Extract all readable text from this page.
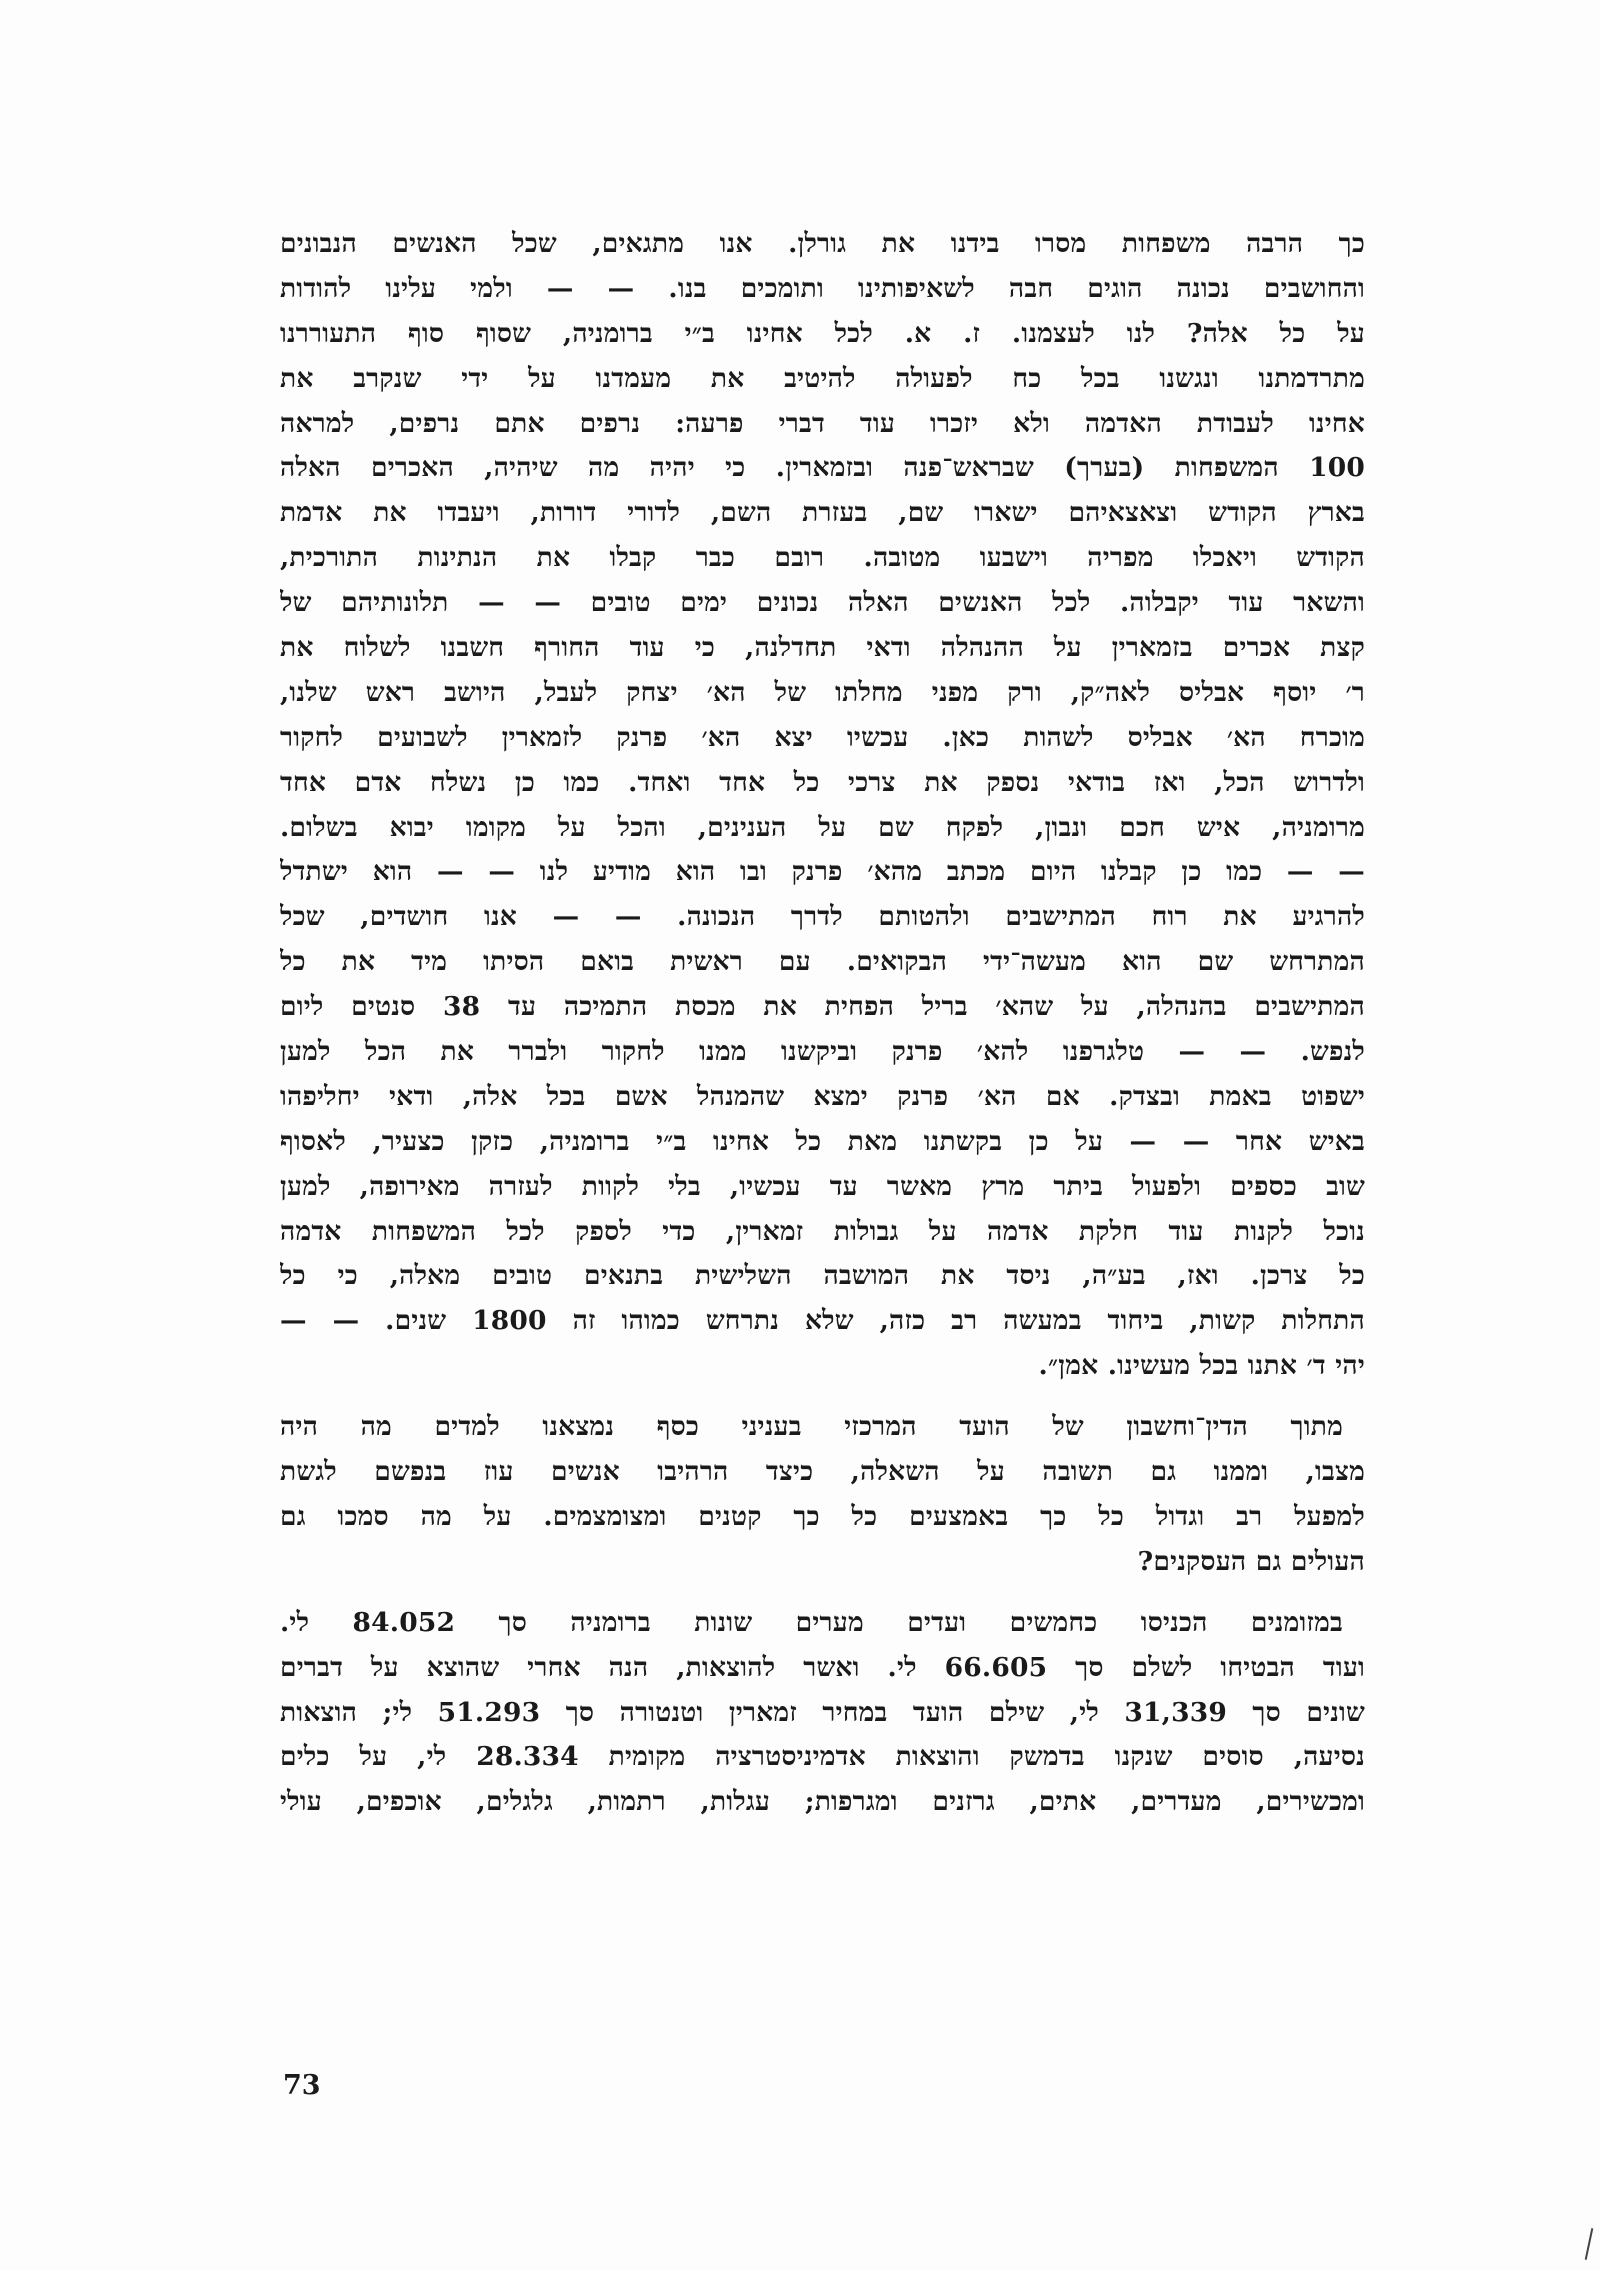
כך הרבה משפחות מסרו בידנו את גורלן. אנו מתגאים, שכל האנשים הנבונים
והחושבים נכונה הוגים חבה לשאיפותינו ותומכים בנו. — — ולמי עלינו להודות
על כל אלה? לנו לעצמנו. ז. א. לכל אחינו ב״י ברומניה, שסוף סוף התעוררנו
מתרדמתנו ונגשנו בכל כח לפעולה להיטיב את מעמדנו על ידי שנקרב את
אחינו לעבודת האדמה ולא יזכרו עוד דברי פרעה: נרפים אתם נרפים, למראה
100 המשפחות (בערך) שבראש־פנה ובזמארין. כי יהיה מה שיהיה, האכרים האלה
בארץ הקודש וצאצאיהם ישארו שם, בעזרת השם, לדורי דורות, ויעבדו את אדמת
הקודש ויאכלו מפריה וישבעו מטובה. רובם כבר קבלו את הנתינות התורכית,
והשאר עוד יקבלוה. לכל האנשים האלה נכונים ימים טובים — — תלונותיהם של
קצת אכרים בזמארין על ההנהלה ודאי תחדלנה, כי עוד החורף חשבנו לשלוח את
ר׳ יוסף אבליס לאה״ק, ורק מפני מחלתו של הא׳ יצחק לעבל, היושב ראש שלנו,
מוכרח הא׳ אבליס לשהות כאן. עכשיו יצא הא׳ פרנק לזמארין לשבועים לחקור
ולדרוש הכל, ואז בודאי נספק את צרכי כל אחד ואחד. כמו כן נשלח אדם אחד
מרומניה, איש חכם ונבון, לפקח שם על הענינים, והכל על מקומו יבוא בשלום.
— — כמו כן קבלנו היום מכתב מהא׳ פרנק ובו הוא מודיע לנו — — הוא ישתדל
להרגיע את רוח המתישבים ולהטותם לדרך הנכונה. — — אנו חושדים, שכל
המתרחש שם הוא מעשה־ידי הבקואים. עם ראשית בואם הסיתו מיד את כל
המתישבים בהנהלה, על שהא׳ בריל הפחית את מכסת התמיכה עד 38 סנטים ליום
לנפש. — — טלגרפנו להא׳ פרנק וביקשנו ממנו לחקור ולברר את הכל למען
ישפוט באמת ובצדק. אם הא׳ פרנק ימצא שהמנהל אשם בכל אלה, ודאי יחליפהו
באיש אחר — — על כן בקשתנו מאת כל אחינו ב״י ברומניה, כזקן כצעיר, לאסוף
שוב כספים ולפעול ביתר מרץ מאשר עד עכשיו, בלי לקוות לעזרה מאירופה, למען
נוכל לקנות עוד חלקת אדמה על גבולות זמארין, כדי לספק לכל המשפחות אדמה
כל צרכן. ואז, בע״ה, ניסד את המושבה השלישית בתנאים טובים מאלה, כי כל
התחלות קשות, ביחוד במעשה רב כזה, שלא נתרחש כמוהו זה 1800 שנים. — —
יהי ד׳ אתנו בכל מעשינו. אמן״.
מתוך הדין־וחשבון של הועד המרכזי בעניני כסף נמצאנו למדים מה היה
מצבו, וממנו גם תשובה על השאלה, כיצד הרהיבו אנשים עוז בנפשם לגשת
למפעל רב וגדול כל כך באמצעים כל כך קטנים ומצומצמים. על מה סמכו גם
העולים גם העסקנים?
במזומנים הכניסו כחמשים ועדים מערים שונות ברומניה סך 84.052 לי.
ועוד הבטיחו לשלם סך 66.605 לי. ואשר להוצאות, הנה אחרי שהוצא על דברים
שונים סך 31,339 לי, שילם הועד במחיר זמארין וטנטורה סך 51.293 לי; הוצאות
נסיעה, סוסים שנקנו בדמשק והוצאות אדמיניסטרציה מקומית 28.334 לי, על כלים
ומכשירים, מעדרים, אתים, גרזנים ומגרפות; עגלות, רתמות, גלגלים, אוכפים, עולי
73
